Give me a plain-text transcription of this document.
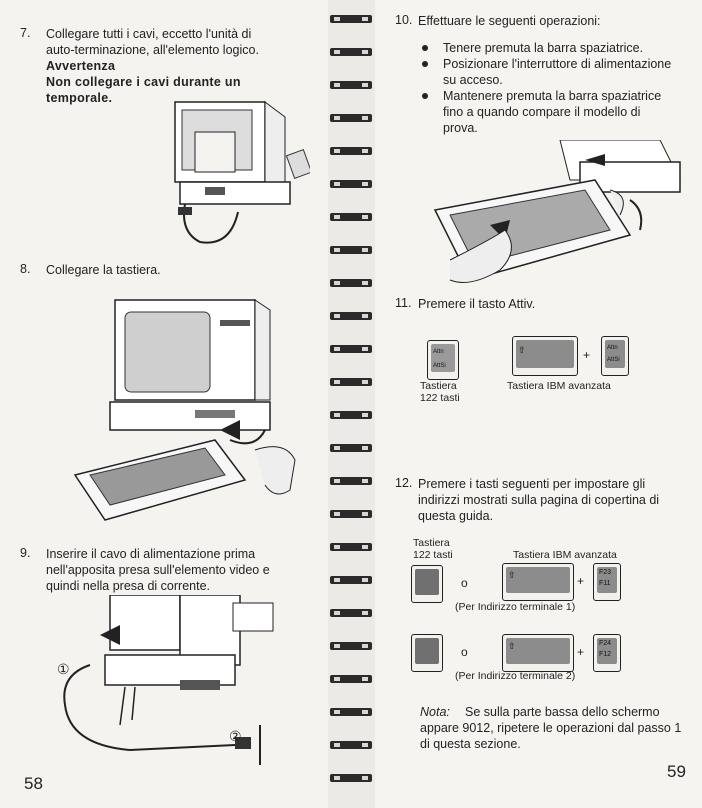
7. Collegare tutti i cavi, eccetto l'unità di
auto-terminazione, all'elemento logico.
Avvertenza
Non collegare i cavi durante un
temporale.
8. Collegare la tastiera.
9. Inserire il cavo di alimentazione prima
nell'apposita presa sull'elemento video e
quindi nella presa di corrente.
①
②
58
10. Effettuare le seguenti operazioni:
Tenere premuta la barra spaziatrice.
Posizionare l'interruttore di alimentazione
su acceso.
Mantenere premuta la barra spaziatrice
fino a quando compare il modello di
prova.
11. Premere il tasto Attiv.
Attn
AttSi
⇧	+	Attn
AttSi
Tastiera
122 tasti
Tastiera IBM avanzata
12. Premere i tasti seguenti per impostare gli
indirizzi mostrati sulla pagina di copertina di
questa guida.
Tastiera
122 tasti	Tastiera IBM avanzata
o
⇧	+
F23
F11
(Per Indirizzo terminale 1)
o	⇧	+
F24
F12
(Per Indirizzo terminale 2)
Nota: Se sulla parte bassa dello schermo
appare 9012, ripetere le operazioni dal passo 1
di questa sezione.
59
